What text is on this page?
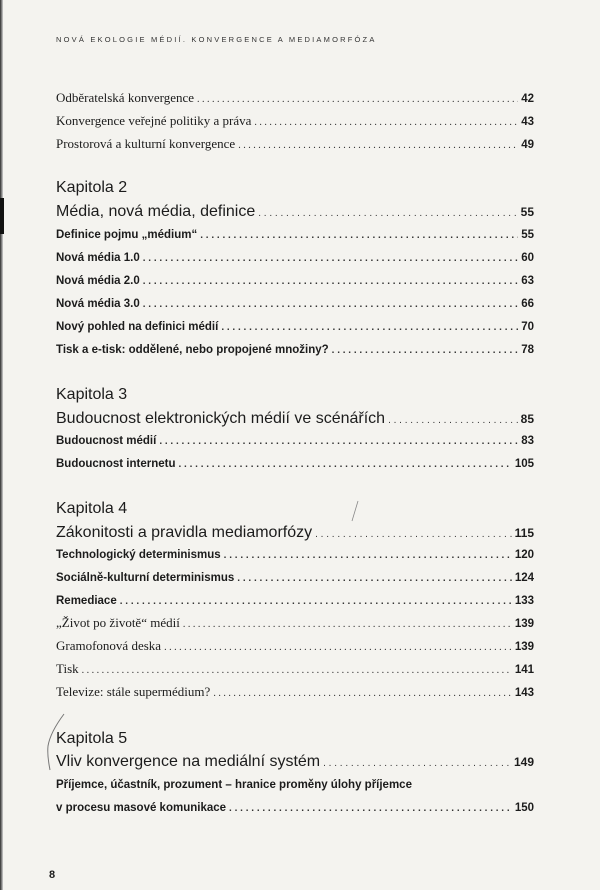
NOVÁ EKOLOGIE MÉDIÍ. KONVERGENCE A MEDIAMORFÓZA
Odběratelská konvergence . . .	42
Konvergence veřejné politiky a práva . . .	43
Prostorová a kulturní konvergence . . .	49
Kapitola 2
Média, nová média, definice . . .	55
Definice pojmu „médium“ . . .	55
Nová média 1.0 . . .	60
Nová média 2.0 . . .	63
Nová média 3.0 . . .	66
Nový pohled na definici médií . . .	70
Tisk a e-tisk: oddělené, nebo propojené množiny? . . .	78
Kapitola 3
Budoucnost elektronických médií ve scénářích . . .	85
Budoucnost médií . . .	83
Budoucnost internetu . . .	105
Kapitola 4
Zákonitosti a pravidla mediamorfózy . . .	115
Technologický determinismus . . .	120
Sociálně-kulturní determinismus . . .	124
Remediace . . .	133
„Život po životě“ médií . . .	139
Gramofonová deska . . .	139
Tisk . . .	141
Televize: stále supermédium? . . .	143
Kapitola 5
Vliv konvergence na mediální systém . . .	149
Příjemce, účastník, prozument – hranice proměny úlohy příjemce
v procesu masové komunikace . . .	150
8
